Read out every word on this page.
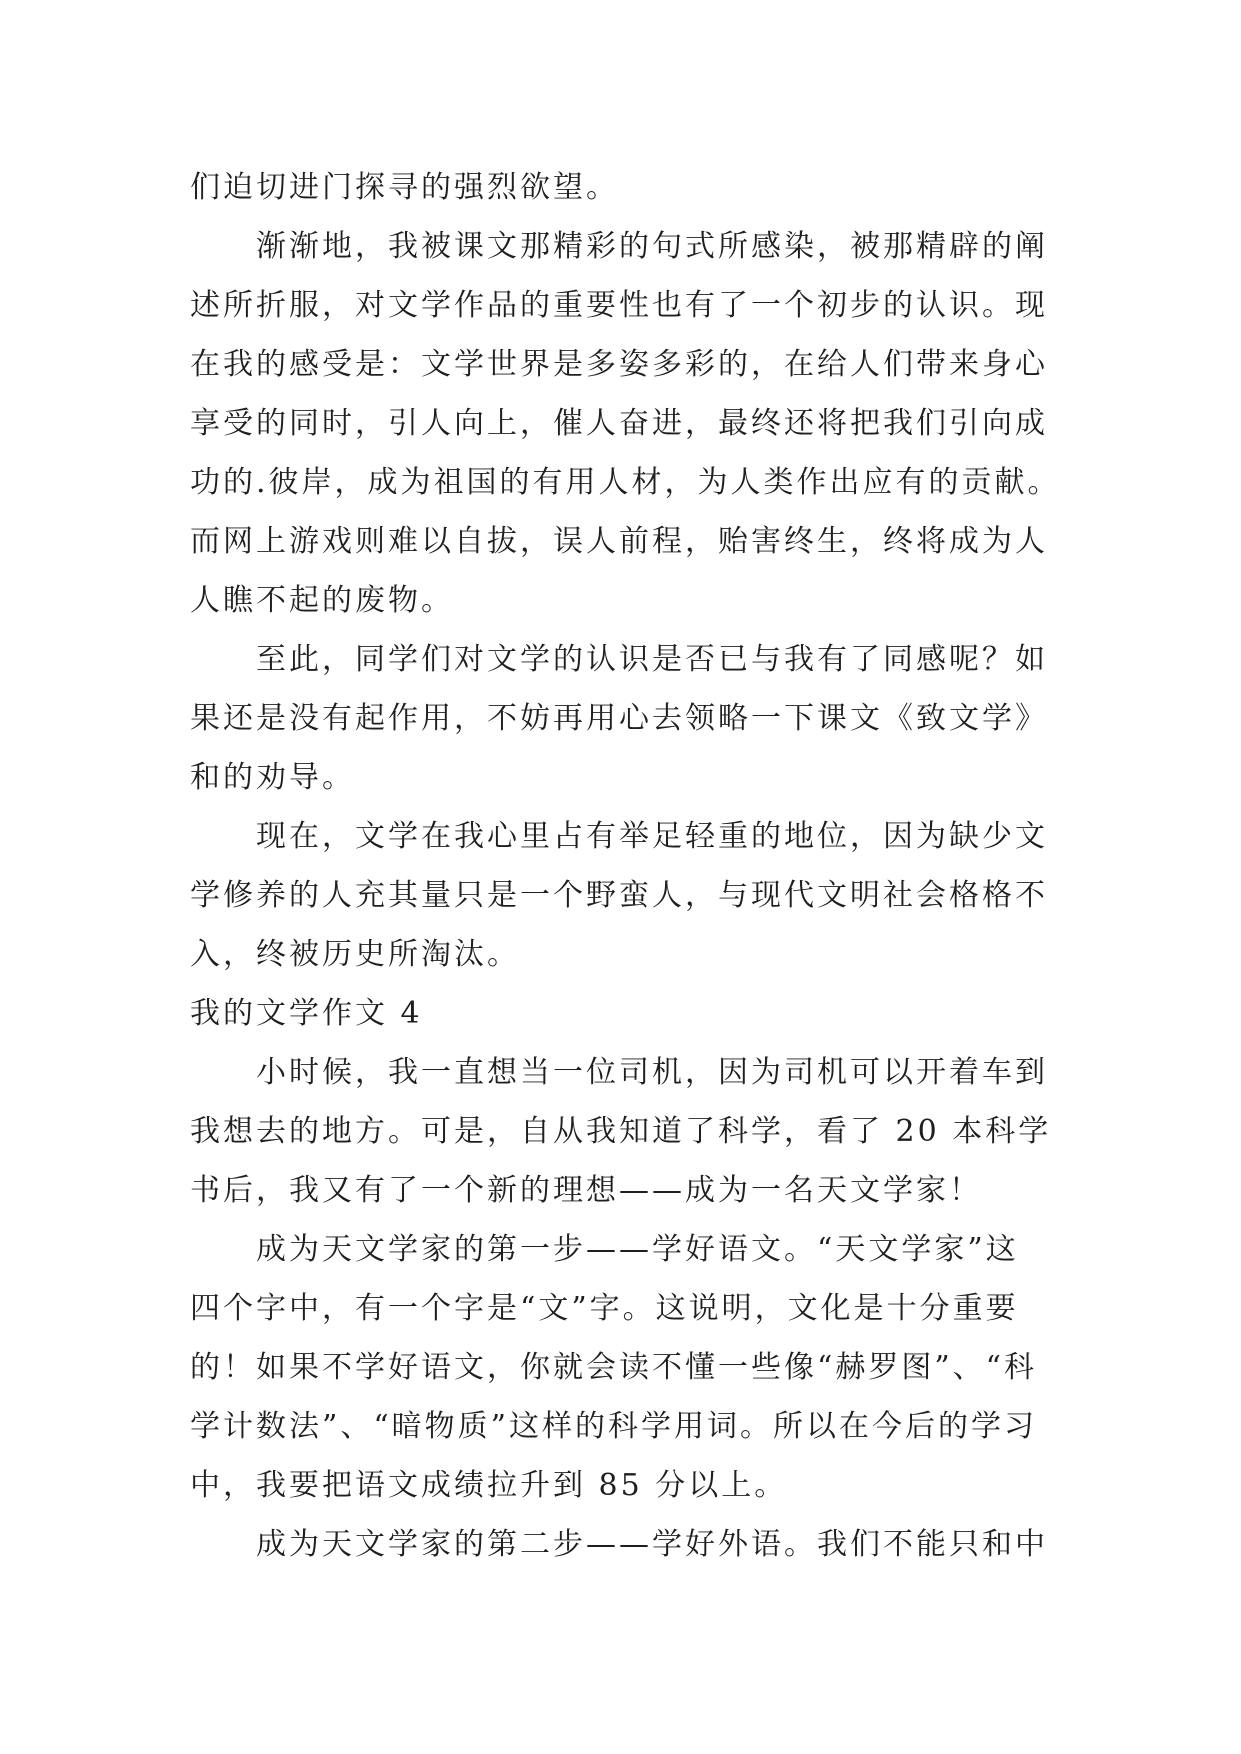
们迫切进门探寻的强烈欲望。
渐渐地，我被课文那精彩的句式所感染，被那精辟的阐
述所折服，对文学作品的重要性也有了一个初步的认识。现
在我的感受是：文学世界是多姿多彩的，在给人们带来身心
享受的同时，引人向上，催人奋进，最终还将把我们引向成
功的.彼岸，成为祖国的有用人材，为人类作出应有的贡献。
而网上游戏则难以自拔，误人前程，贻害终生，终将成为人
人瞧不起的废物。
至此，同学们对文学的认识是否已与我有了同感呢？如
果还是没有起作用，不妨再用心去领略一下课文《致文学》
和的劝导。
现在，文学在我心里占有举足轻重的地位，因为缺少文
学修养的人充其量只是一个野蛮人，与现代文明社会格格不
入，终被历史所淘汰。
我的文学作文 4
小时候，我一直想当一位司机，因为司机可以开着车到
我想去的地方。可是，自从我知道了科学，看了 20 本科学
书后，我又有了一个新的理想——成为一名天文学家！
成为天文学家的第一步——学好语文。“天文学家”这
四个字中，有一个字是“文”字。这说明，文化是十分重要
的！如果不学好语文，你就会读不懂一些像“赫罗图”、“科
学计数法”、“暗物质”这样的科学用词。所以在今后的学习
中，我要把语文成绩拉升到 85 分以上。
成为天文学家的第二步——学好外语。我们不能只和中
